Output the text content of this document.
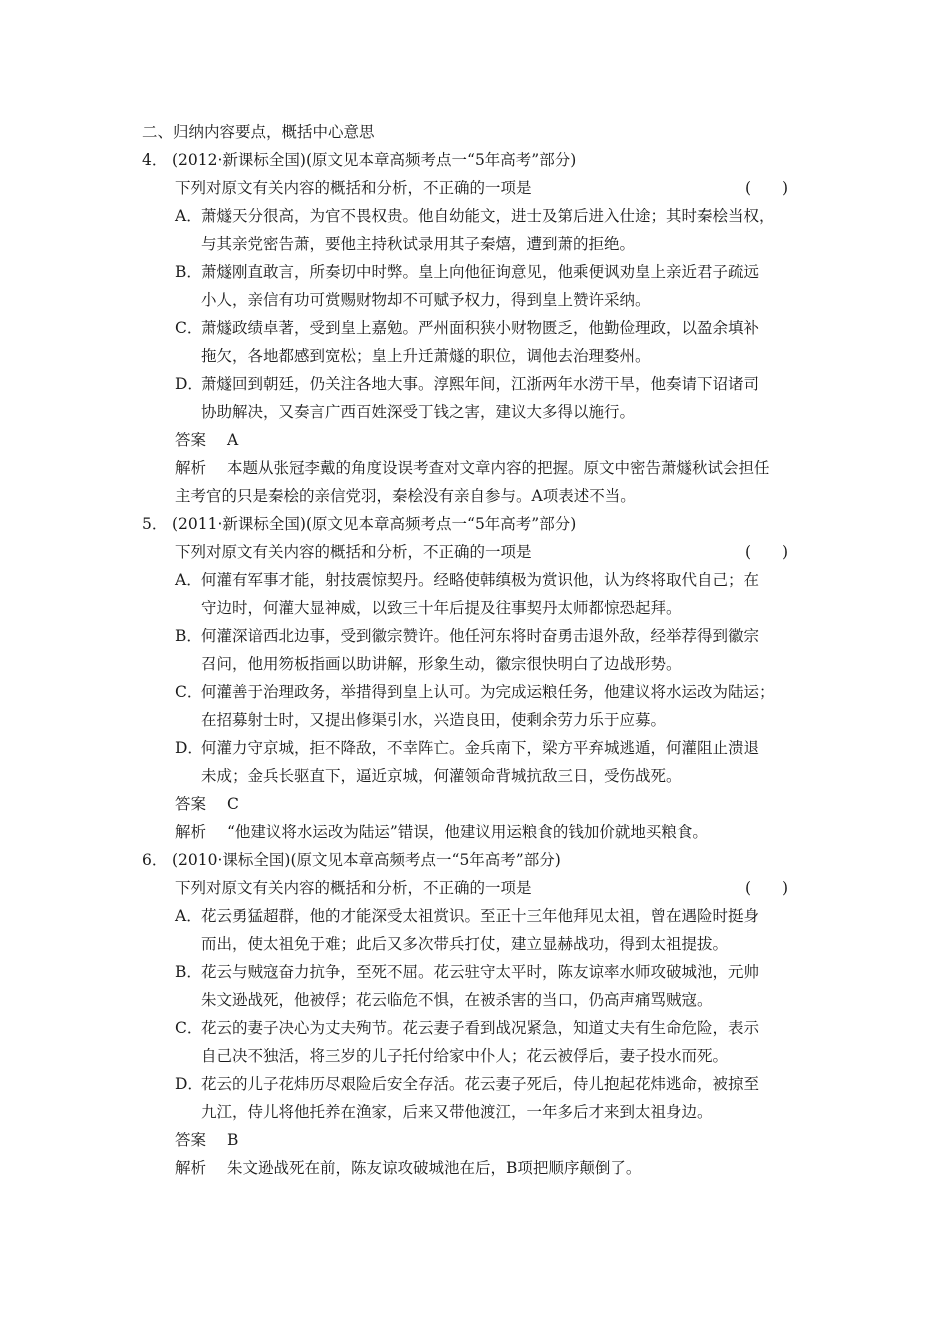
二、归纳内容要点，概括中心意思
4． (2012·新课标全国)(原文见本章高频考点一“5年高考”部分)
下列对原文有关内容的概括和分析，不正确的一项是	(　　)
A．萧燧天分很高，为官不畏权贵。他自幼能文，进士及第后进入仕途；其时秦桧当权，
与其亲党密告萧，要他主持秋试录用其子秦熺，遭到萧的拒绝。
B．萧燧刚直敢言，所奏切中时弊。皇上向他征询意见，他乘便讽劝皇上亲近君子疏远
小人，亲信有功可赏赐财物却不可赋予权力，得到皇上赞许采纳。
C．萧燧政绩卓著，受到皇上嘉勉。严州面积狭小财物匮乏，他勤俭理政，以盈余填补
拖欠，各地都感到宽松；皇上升迁萧燧的职位，调他去治理婺州。
D．萧燧回到朝廷，仍关注各地大事。淳熙年间，江浙两年水涝干旱，他奏请下诏诸司
协助解决，又奏言广西百姓深受丁钱之害，建议大多得以施行。
答案 A
解析 本题从张冠李戴的角度设误考查对文章内容的把握。原文中密告萧燧秋试会担任
主考官的只是秦桧的亲信党羽，秦桧没有亲自参与。A项表述不当。
5． (2011·新课标全国)(原文见本章高频考点一“5年高考”部分)
下列对原文有关内容的概括和分析，不正确的一项是	(　　)
A．何灌有军事才能，射技震惊契丹。经略使韩缜极为赏识他，认为终将取代自己；在
守边时，何灌大显神威，以致三十年后提及往事契丹太师都惊恐起拜。
B．何灌深谙西北边事，受到徽宗赞许。他任河东将时奋勇击退外敌，经举荐得到徽宗
召问，他用笏板指画以助讲解，形象生动，徽宗很快明白了边战形势。
C．何灌善于治理政务，举措得到皇上认可。为完成运粮任务，他建议将水运改为陆运；
在招募射士时，又提出修渠引水，兴造良田，使剩余劳力乐于应募。
D．何灌力守京城，拒不降敌，不幸阵亡。金兵南下，梁方平弃城逃遁，何灌阻止溃退
未成；金兵长驱直下，逼近京城，何灌领命背城抗敌三日，受伤战死。
答案 C
解析 “他建议将水运改为陆运”错误，他建议用运粮食的钱加价就地买粮食。
6． (2010·课标全国)(原文见本章高频考点一“5年高考”部分)
下列对原文有关内容的概括和分析，不正确的一项是	(　　)
A．花云勇猛超群，他的才能深受太祖赏识。至正十三年他拜见太祖，曾在遇险时挺身
而出，使太祖免于难；此后又多次带兵打仗，建立显赫战功，得到太祖提拔。
B．花云与贼寇奋力抗争，至死不屈。花云驻守太平时，陈友谅率水师攻破城池，元帅
朱文逊战死，他被俘；花云临危不惧，在被杀害的当口，仍高声痛骂贼寇。
C．花云的妻子决心为丈夫殉节。花云妻子看到战况紧急，知道丈夫有生命危险，表示
自己决不独活，将三岁的儿子托付给家中仆人；花云被俘后，妻子投水而死。
D．花云的儿子花炜历尽艰险后安全存活。花云妻子死后，侍儿抱起花炜逃命，被掠至
九江，侍儿将他托养在渔家，后来又带他渡江，一年多后才来到太祖身边。
答案 B
解析 朱文逊战死在前，陈友谅攻破城池在后，B项把顺序颠倒了。
